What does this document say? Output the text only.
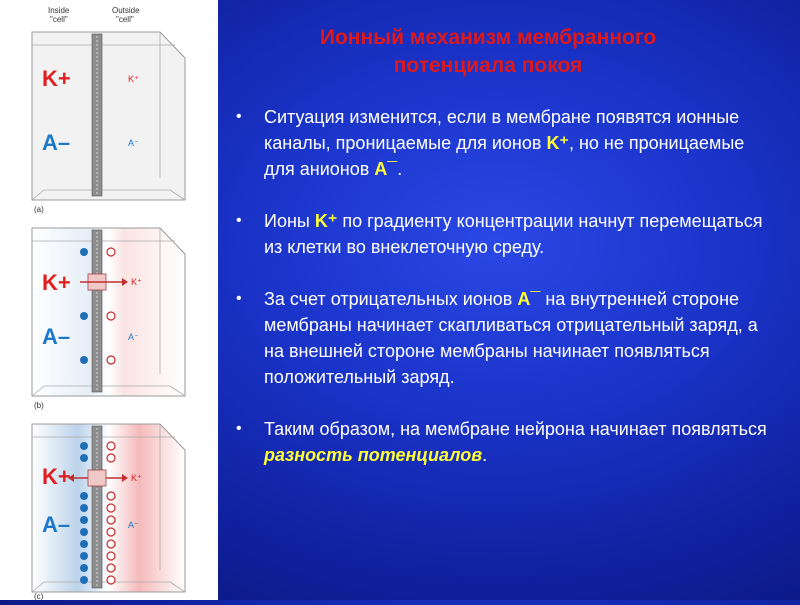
Inside
"cell"
Outside
"cell"
K+
A–
K⁺
A⁻
(a)
K+
A–
K⁺
A⁻
(b)
K+
A–
K⁺
A⁻
(c)
Ионный механизм мембранного
потенциала покоя
• Ситуация изменится, если в мембране появятся ионные каналы, проницаемые для ионов K⁺, но не проницаемые для анионов A¯.
• Ионы K⁺ по градиенту концентрации начнут перемещаться из клетки во внеклеточную среду.
• За счет отрицательных ионов A¯ на внутренней стороне мембраны начинает скапливаться отрицательный заряд, а на внешней стороне мембраны начинает появляться положительный заряд.
• Таким образом, на мембране нейрона начинает появляться разность потенциалов.
